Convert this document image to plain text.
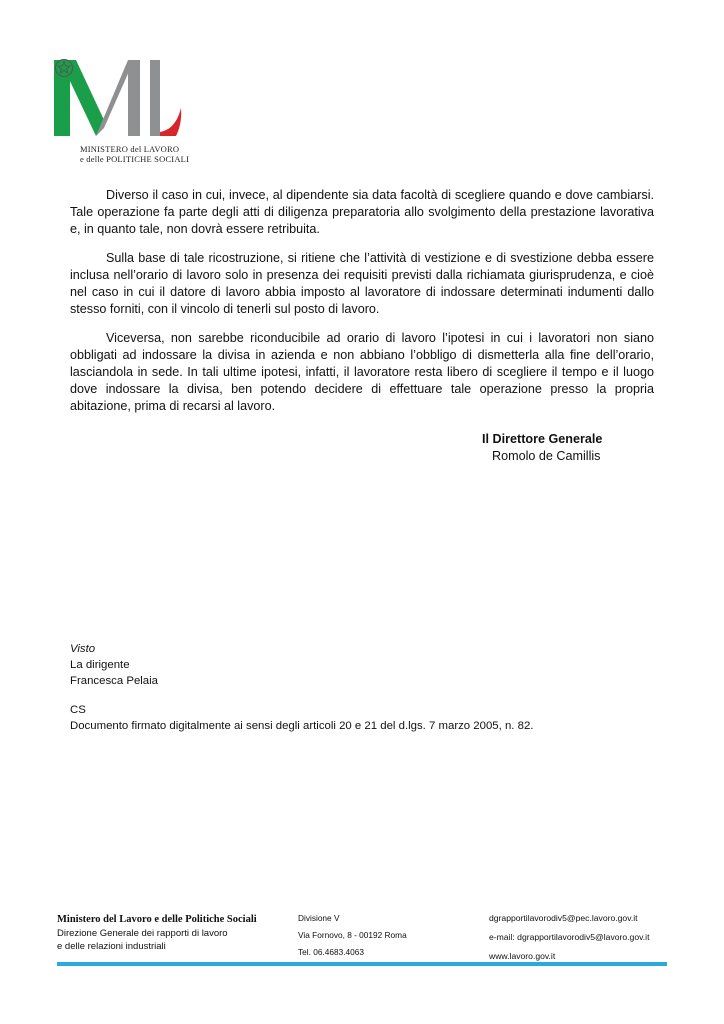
MINISTERO del LAVORO
e delle POLITICHE SOCIALI

Diverso il caso in cui, invece, al dipendente sia data facoltà di scegliere quando e dove cambiarsi. Tale operazione fa parte degli atti di diligenza preparatoria allo svolgimento della prestazione lavorativa e, in quanto tale, non dovrà essere retribuita.

Sulla base di tale ricostruzione, si ritiene che l’attività di vestizione e di svestizione debba essere inclusa nell’orario di lavoro solo in presenza dei requisiti previsti dalla richiamata giurisprudenza, e cioè nel caso in cui il datore di lavoro abbia imposto al lavoratore di indossare determinati indumenti dallo stesso forniti, con il vincolo di tenerli sul posto di lavoro.

Viceversa, non sarebbe riconducibile ad orario di lavoro l’ipotesi in cui i lavoratori non siano obbligati ad indossare la divisa in azienda e non abbiano l’obbligo di dismetterla alla fine dell’orario, lasciandola in sede. In tali ultime ipotesi, infatti, il lavoratore resta libero di scegliere il tempo e il luogo dove indossare la divisa, ben potendo decidere di effettuare tale operazione presso la propria abitazione, prima di recarsi al lavoro.

Il Direttore Generale
Romolo de Camillis
Visto
La dirigente
Francesca Pelaia
CS
Documento firmato digitalmente ai sensi degli articoli 20 e 21 del d.lgs. 7 marzo 2005, n. 82.
Ministero del Lavoro e delle Politiche Sociali
Direzione Generale dei rapporti di lavoro
e delle relazioni industriali
Divisione V
Via Fornovo, 8 - 00192 Roma
Tel. 06.4683.4063
dgrapportilavorodiv5@pec.lavoro.gov.it
e-mail: dgrapportilavorodiv5@lavoro.gov.it
www.lavoro.gov.it
